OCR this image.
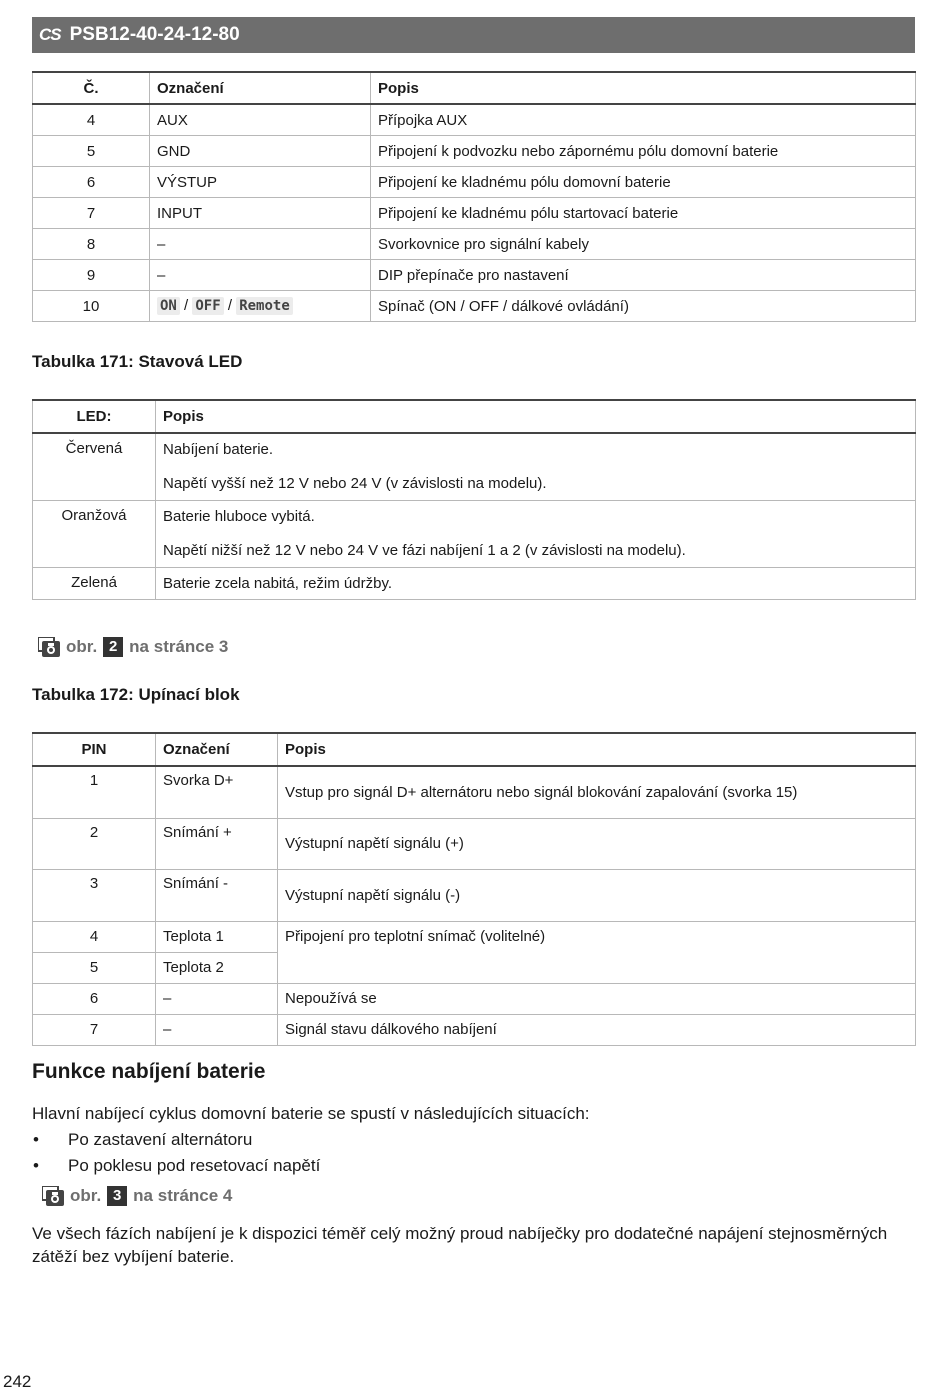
CS PSB12-40-24-12-80
Č.	Označení	Popis
4	AUX	Přípojka AUX
5	GND	Připojení k podvozku nebo zápornému pólu domovní baterie
6	VÝSTUP	Připojení ke kladnému pólu domovní baterie
7	INPUT	Připojení ke kladnému pólu startovací baterie
8	–	Svorkovnice pro signální kabely
9	–	DIP přepínače pro nastavení
10	ON / OFF / Remote	Spínač (ON / OFF / dálkové ovládání)
Tabulka 171: Stavová LED
LED:	Popis
Červená	Nabíjení baterie.

Napětí vyšší než 12 V nebo 24 V (v závislosti na modelu).

Oranžová	Baterie hluboce vybitá.

Napětí nižší než 12 V nebo 24 V ve fázi nabíjení 1 a 2 (v závislosti na modelu).

Zelená	Baterie zcela nabitá, režim údržby.

obr. 2 na stránce 3
Tabulka 172: Upínací blok
PIN	Označení	Popis
1	Svorka D+	Vstup pro signál D+ alternátoru nebo signál blokování zapalování (svorka 15)
2	Snímání +	Výstupní napětí signálu (+)
3	Snímání -	Výstupní napětí signálu (-)
4	Teplota 1	Připojení pro teplotní snímač (volitelné)
5	Teplota 2	
6	–	Nepoužívá se
7	–	Signál stavu dálkového nabíjení
Funkce nabíjení baterie

Hlavní nabíjecí cyklus domovní baterie se spustí v následujících situacích:

• Po zastavení alternátoru
• Po poklesu pod resetovací napětí
obr. 3 na stránce 4

Ve všech fázích nabíjení je k dispozici téměř celý možný proud nabíječky pro dodatečné napájení stejnosměrných zátěží bez vybíjení baterie.

242
